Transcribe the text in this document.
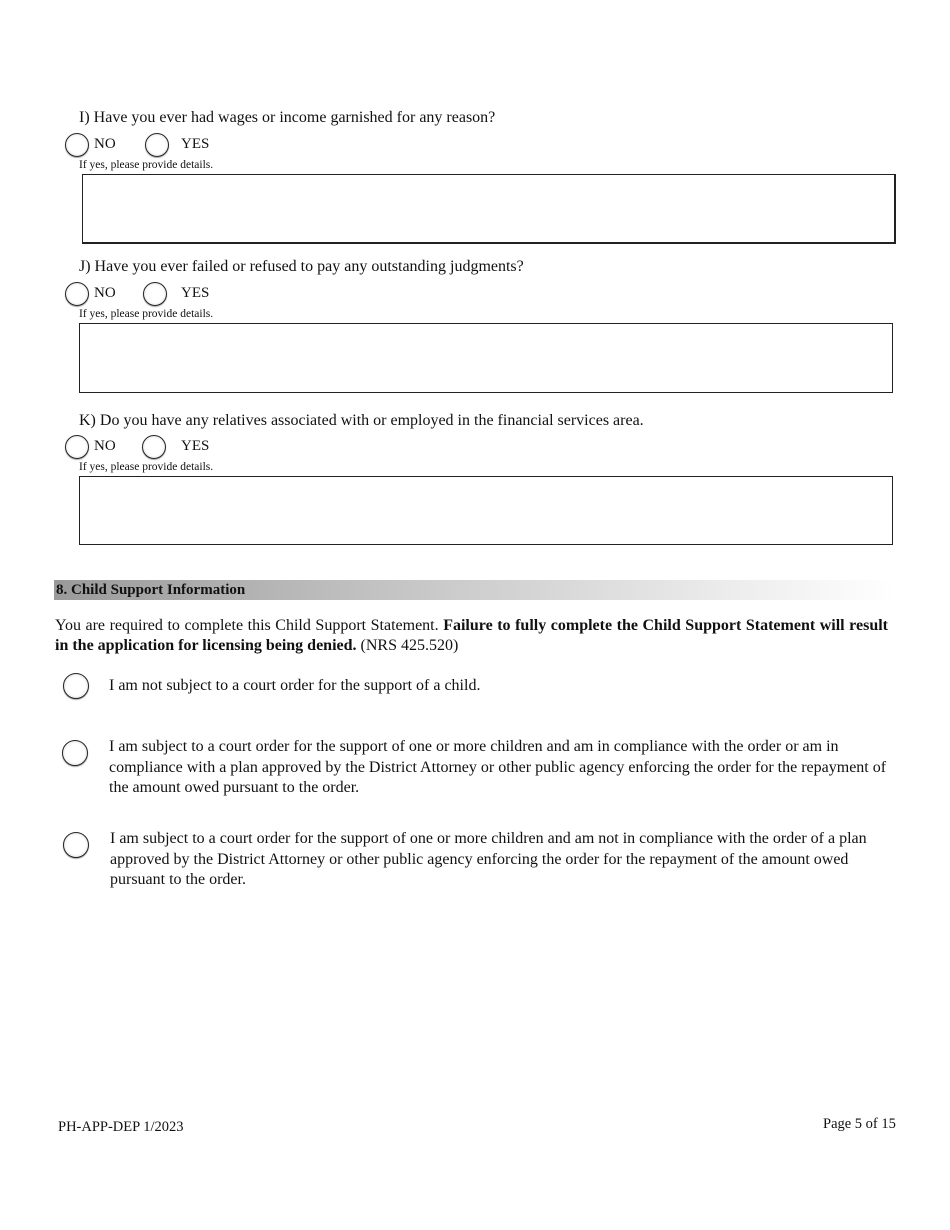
I) Have you ever had wages or income garnished for any reason?
NO	YES
If yes, please provide details.
J) Have you ever failed or refused to pay any outstanding judgments?
NO	YES
If yes, please provide details.
K) Do you have any relatives associated with or employed in the financial services area.
NO	YES
If yes, please provide details.
8. Child Support Information
You are required to complete this Child Support Statement. Failure to fully complete the Child Support Statement will result in the application for licensing being denied. (NRS 425.520)
I am not subject to a court order for the support of a child.
I am subject to a court order for the support of one or more children and am in compliance with the order or am in compliance with a plan approved by the District Attorney or other public agency enforcing the order for the repayment of the amount owed pursuant to the order.
I am subject to a court order for the support of one or more children and am not in compliance with the order of a plan approved by the District Attorney or other public agency enforcing the order for the repayment of the amount owed pursuant to the order.
PH-APP-DEP 1/2023	Page 5 of 15
